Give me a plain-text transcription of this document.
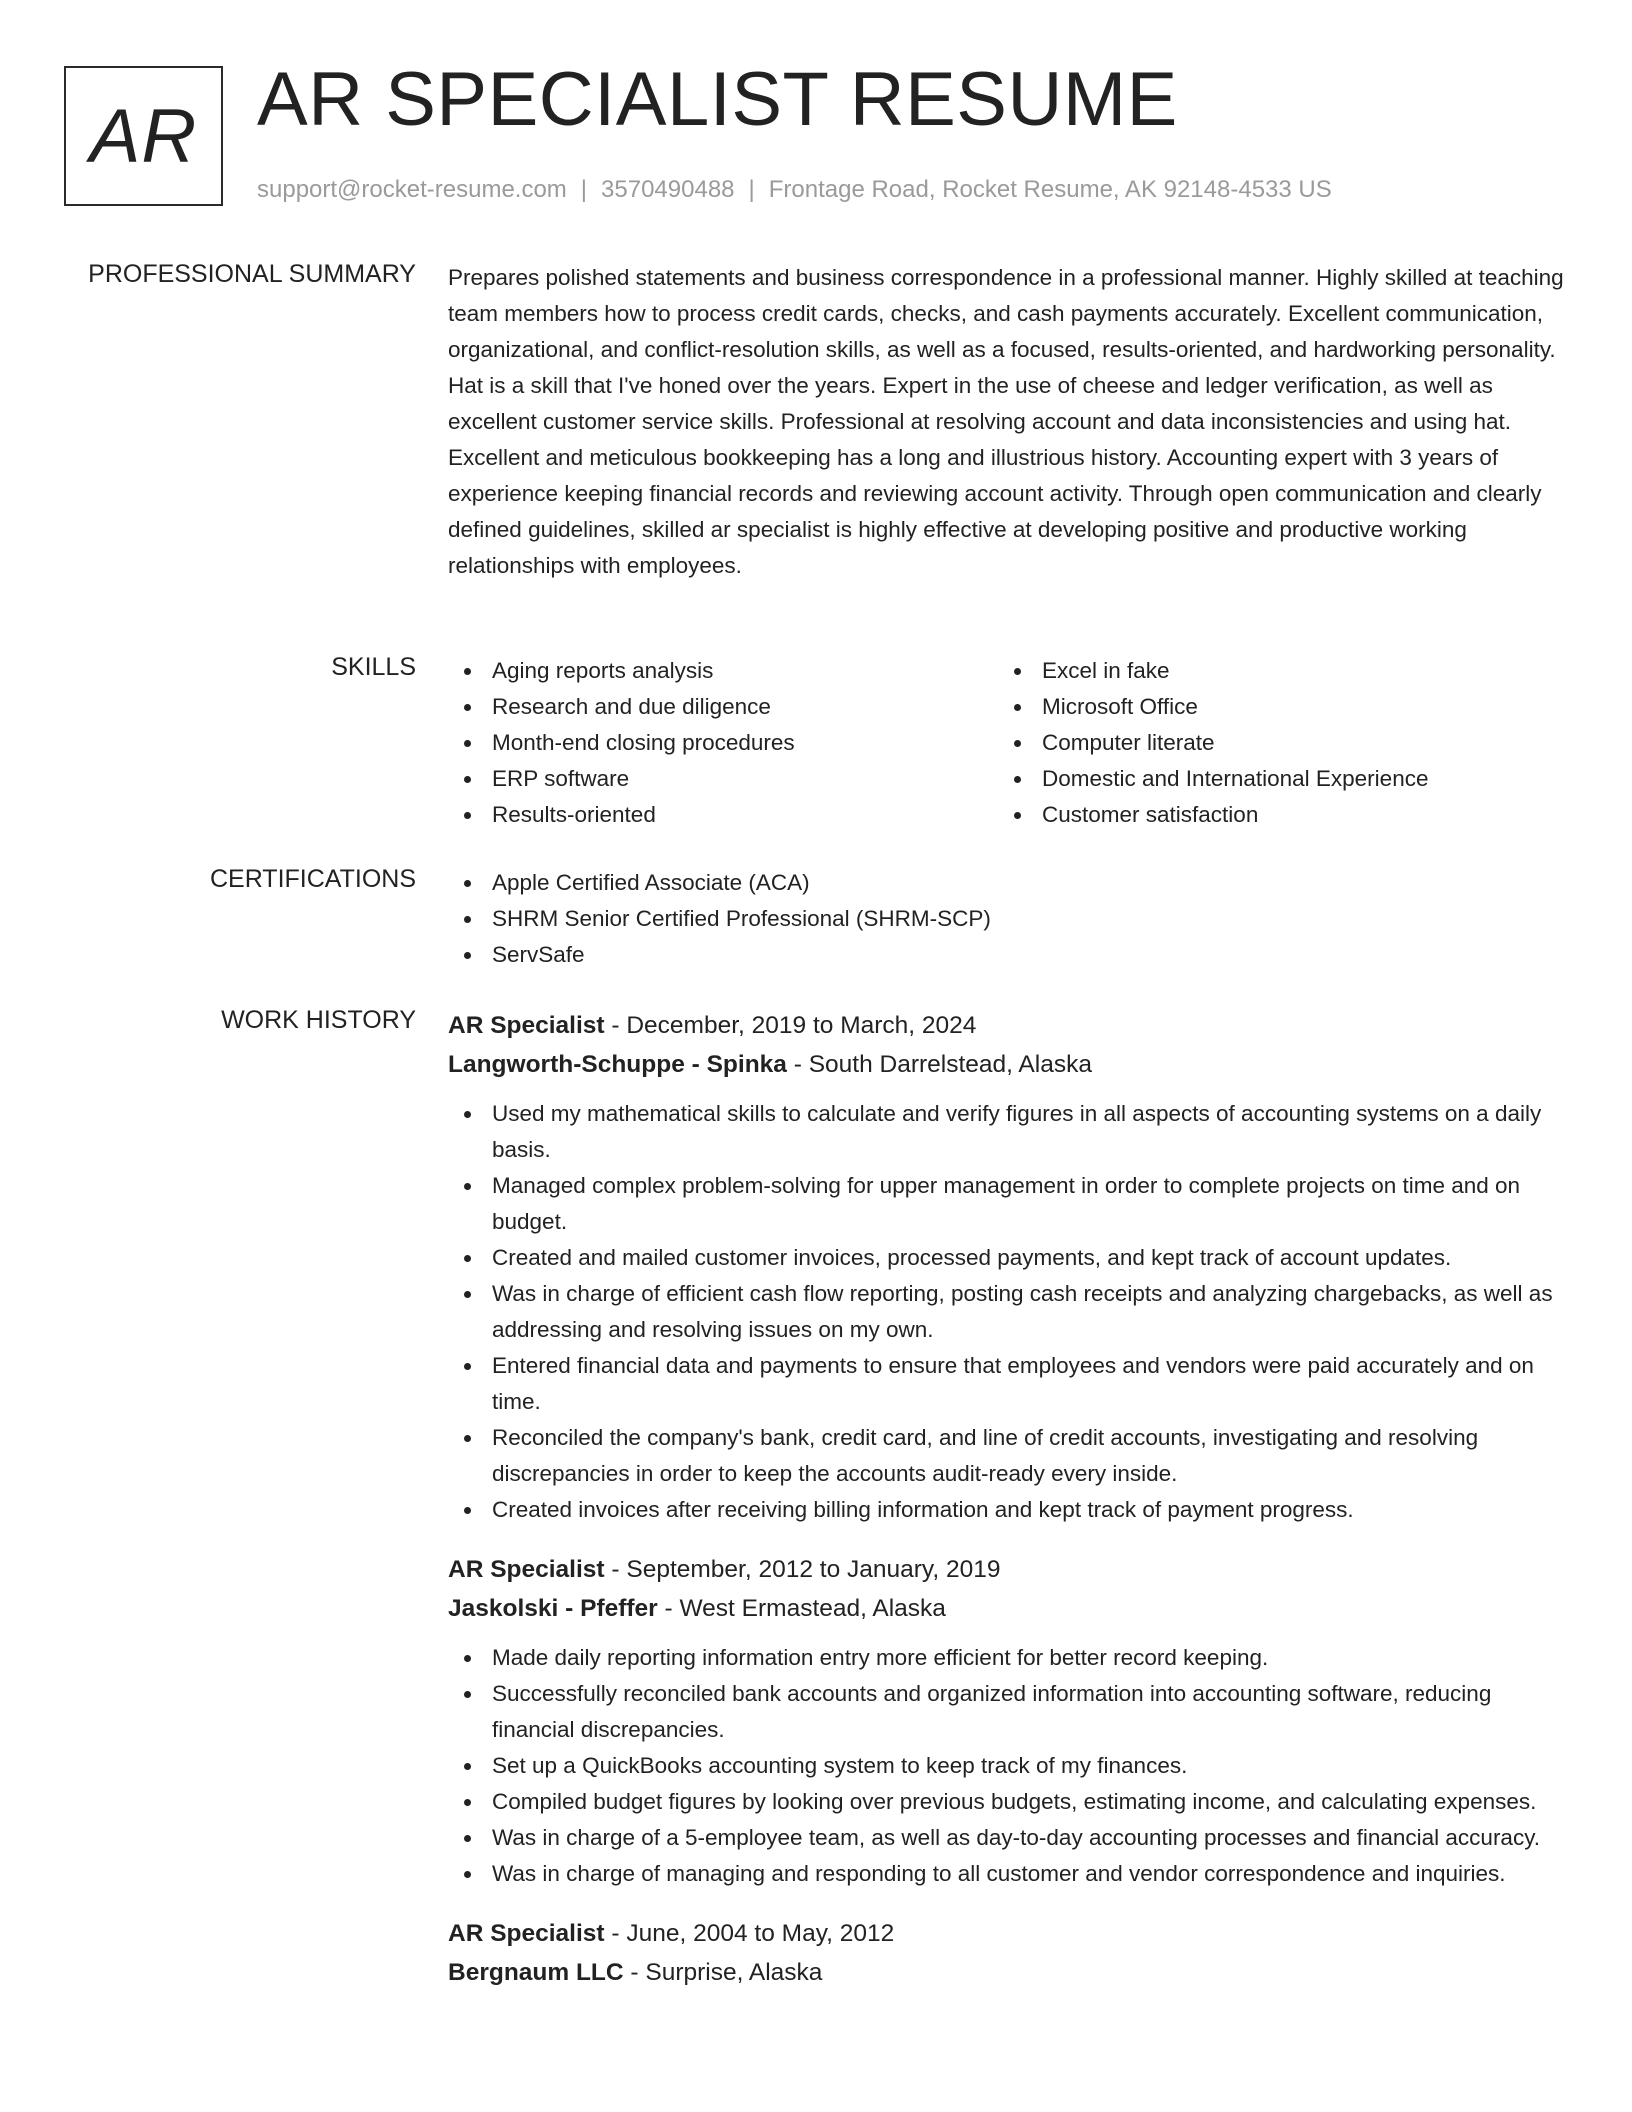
AR AR SPECIALIST RESUME
support@rocket-resume.com | 3570490488 | Frontage Road, Rocket Resume, AK 92148-4533 US
PROFESSIONAL SUMMARY Prepares polished statements and business correspondence in a professional manner. Highly skilled at teaching team members how to process credit cards, checks, and cash payments accurately. Excellent communication, organizational, and conflict-resolution skills, as well as a focused, results-oriented, and hardworking personality. Hat is a skill that I've honed over the years. Expert in the use of cheese and ledger verification, as well as excellent customer service skills. Professional at resolving account and data inconsistencies and using hat. Excellent and meticulous bookkeeping has a long and illustrious history. Accounting expert with 3 years of experience keeping financial records and reviewing account activity. Through open communication and clearly defined guidelines, skilled ar specialist is highly effective at developing positive and productive working relationships with employees.

SKILLS	Aging reports analysis
Research and due diligence
Month-end closing procedures
ERP software
Results-oriented
Excel in fake
Microsoft Office
Computer literate
Domestic and International Experience
Customer satisfaction
CERTIFICATIONS	Apple Certified Associate (ACA)
SHRM Senior Certified Professional (SHRM-SCP)
ServSafe
WORK HISTORY AR Specialist - December, 2019 to March, 2024
Langworth-Schuppe - Spinka - South Darrelstead, Alaska
Used my mathematical skills to calculate and verify figures in all aspects of accounting systems on a daily basis.
Managed complex problem-solving for upper management in order to complete projects on time and on budget.
Created and mailed customer invoices, processed payments, and kept track of account updates.
Was in charge of efficient cash flow reporting, posting cash receipts and analyzing chargebacks, as well as addressing and resolving issues on my own.
Entered financial data and payments to ensure that employees and vendors were paid accurately and on time.
Reconciled the company's bank, credit card, and line of credit accounts, investigating and resolving discrepancies in order to keep the accounts audit-ready every inside.
Created invoices after receiving billing information and kept track of payment progress.
AR Specialist - September, 2012 to January, 2019
Jaskolski - Pfeffer - West Ermastead, Alaska
Made daily reporting information entry more efficient for better record keeping.
Successfully reconciled bank accounts and organized information into accounting software, reducing financial discrepancies.
Set up a QuickBooks accounting system to keep track of my finances.
Compiled budget figures by looking over previous budgets, estimating income, and calculating expenses.
Was in charge of a 5-employee team, as well as day-to-day accounting processes and financial accuracy.
Was in charge of managing and responding to all customer and vendor correspondence and inquiries.
AR Specialist - June, 2004 to May, 2012
Bergnaum LLC - Surprise, Alaska
